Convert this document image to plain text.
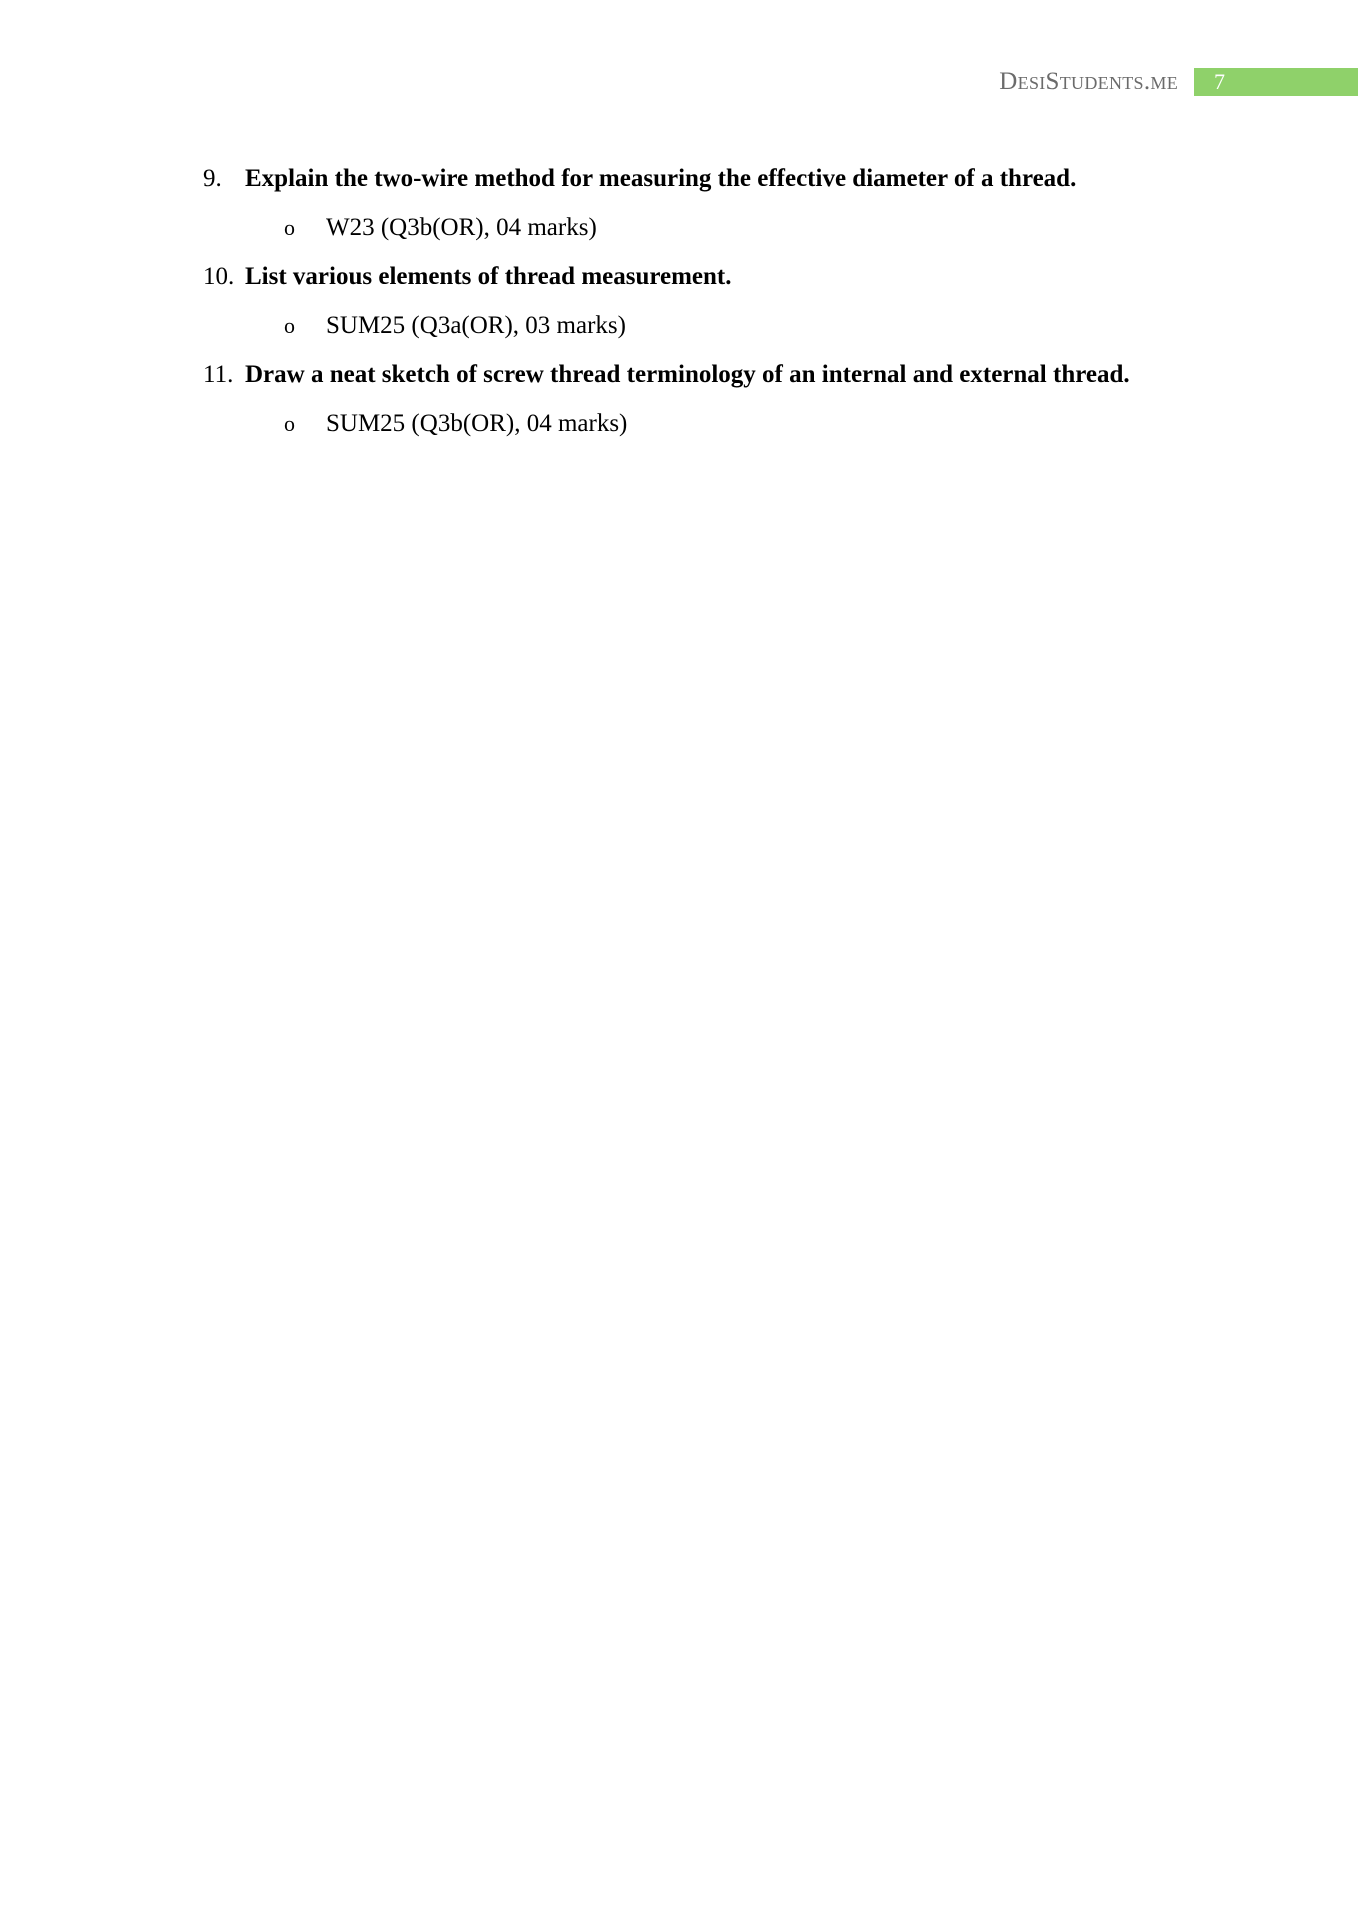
DesiStudents.me	7
9. Explain the two-wire method for measuring the effective diameter of a thread.
o W23 (Q3b(OR), 04 marks)
10. List various elements of thread measurement.
o SUM25 (Q3a(OR), 03 marks)
11. Draw a neat sketch of screw thread terminology of an internal and external thread.
o SUM25 (Q3b(OR), 04 marks)
